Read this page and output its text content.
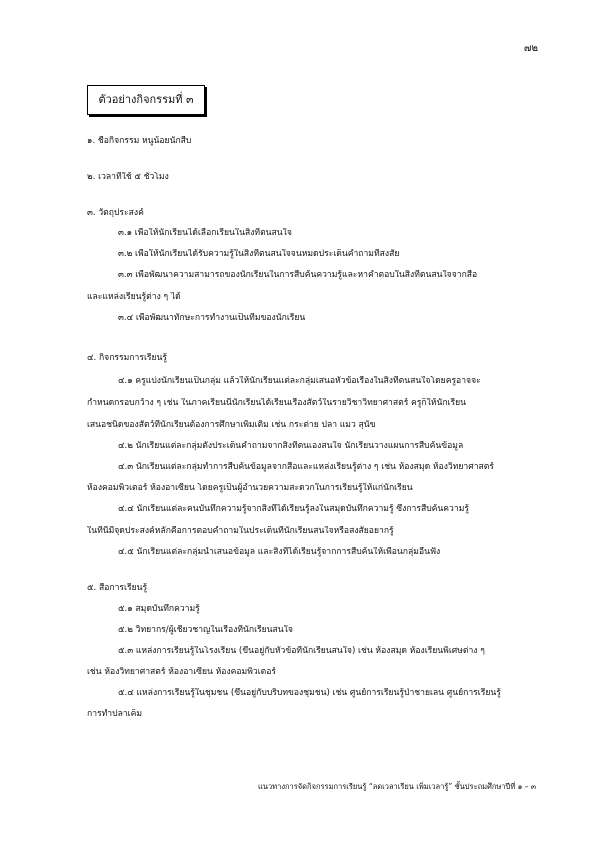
๗๒
ตัวอย่างกิจกรรมที่ ๓
๑. ชื่อกิจกรรม หนูน้อยนักสืบ
๒. เวลาที่ใช้ ๕ ชั่วโมง
๓. วัตถุประสงค์
๓.๑ เพื่อให้นักเรียนได้เลือกเรียนในสิ่งที่ตนสนใจ
๓.๒ เพื่อให้นักเรียนได้รับความรู้ในสิ่งที่ตนสนใจจนหมดประเด็นคำถามที่สงสัย
๓.๓ เพื่อพัฒนาความสามารถของนักเรียนในการสืบค้นความรู้และหาคำตอบในสิ่งที่ตนสนใจจากสื่อ
และแหล่งเรียนรู้ต่าง ๆ ได้
๓.๔ เพื่อพัฒนาทักษะการทำงานเป็นทีมของนักเรียน
๔. กิจกรรมการเรียนรู้
๔.๑ ครูแบ่งนักเรียนเป็นกลุ่ม แล้วให้นักเรียนแต่ละกลุ่มเสนอหัวข้อเรื่องในสิ่งที่ตนสนใจโดยครูอาจจะ
กำหนดกรอบกว้าง ๆ เช่น ในภาคเรียนนี้นักเรียนได้เรียนเรื่องสัตว์ในรายวิชาวิทยาศาสตร์ ครูก็ให้นักเรียน
เสนอชนิดของสัตว์ที่นักเรียนต้องการศึกษาเพิ่มเติม เช่น กระต่าย ปลา แมว สุนัข
๔.๒ นักเรียนแต่ละกลุ่มตั้งประเด็นคำถามจากสิ่งที่ตนเองสนใจ นักเรียนวางแผนการสืบค้นข้อมูล
๔.๓ นักเรียนแต่ละกลุ่มทำการสืบค้นข้อมูลจากสื่อและแหล่งเรียนรู้ต่าง ๆ เช่น ห้องสมุด ห้องวิทยาศาสตร์
ห้องคอมพิวเตอร์ ห้องอาเซียน โดยครูเป็นผู้อำนวยความสะดวกในการเรียนรู้ให้แก่นักเรียน
๔.๔ นักเรียนแต่ละคนบันทึกความรู้จากสิ่งที่ได้เรียนรู้ลงในสมุดบันทึกความรู้ ซึ่งการสืบค้นความรู้
ในที่นี้มีจุดประสงค์หลักคือการตอบคำถามในประเด็นที่นักเรียนสนใจหรือสงสัยอยากรู้
๔.๕ นักเรียนแต่ละกลุ่มนำเสนอข้อมูล และสิ่งที่ได้เรียนรู้จากการสืบค้นให้เพื่อนกลุ่มอื่นฟัง
๕. สื่อการเรียนรู้
๕.๑ สมุดบันทึกความรู้
๕.๒ วิทยากร/ผู้เชี่ยวชาญในเรื่องที่นักเรียนสนใจ
๕.๓ แหล่งการเรียนรู้ในโรงเรียน (ขึ้นอยู่กับหัวข้อที่นักเรียนสนใจ) เช่น ห้องสมุด ห้องเรียนพิเศษต่าง ๆ
เช่น ห้องวิทยาศาสตร์ ห้องอาเซียน ห้องคอมพิวเตอร์
๕.๔ แหล่งการเรียนรู้ในชุมชน (ขึ้นอยู่กับบริบทของชุมชน) เช่น ศูนย์การเรียนรู้ป่าชายเลน ศูนย์การเรียนรู้
การทำปลาเค็ม
แนวทางการจัดกิจกรรมการเรียนรู้ “ลดเวลาเรียน เพิ่มเวลารู้” ชั้นประถมศึกษาปีที่ ๑ – ๓
